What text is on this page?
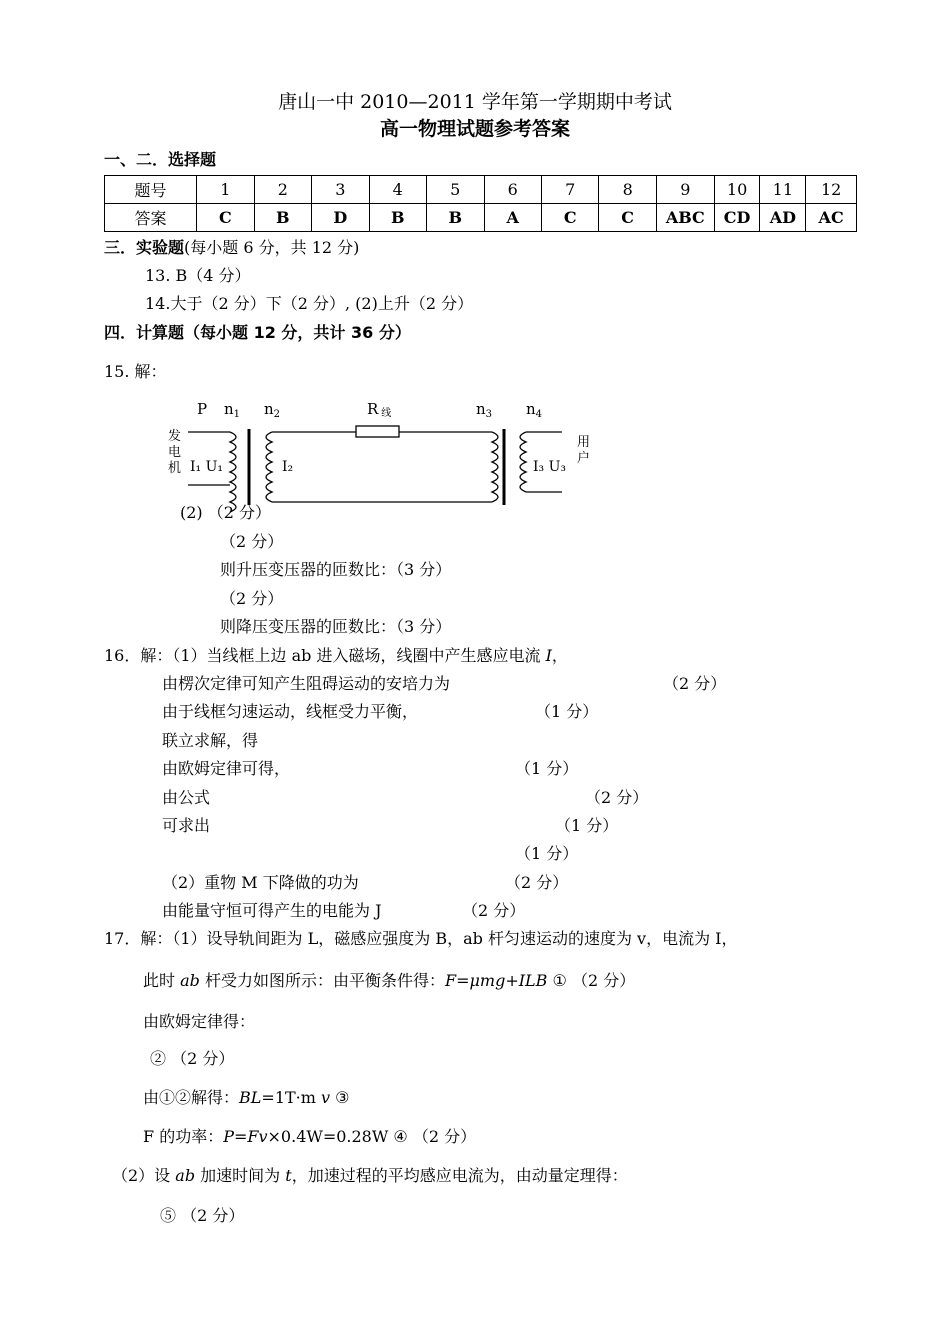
唐山一中 2010—2011 学年第一学期期中考试
高一物理试题参考答案
一、二．选择题
题号	1	2	3	4	5	6	7	8	9	10	11	12
答案	C	B	D	B	B	A	C	C	ABC	CD	AD	AC
三．实验题(每小题 6 分，共 12 分)
13. B（4 分）
14.大于（2 分）下（2 分）, (2)上升（2 分）
四．计算题（每小题 12 分，共计 36 分）
15. 解：
P $n_1$ $n_2$	R线	$n_3$ $n_4$
发
电
机 I₁ U₁	I₂	I₃ U₃
用
户
(2) （2 分）
（2 分）
则升压变压器的匝数比：（3 分）
（2 分）
则降压变压器的匝数比：（3 分）
16．解：（1）当线框上边 ab 进入磁场，线圈中产生感应电流 I，
由楞次定律可知产生阻碍运动的安培力为	（2 分）
由于线框匀速运动，线框受力平衡，	（1 分）
联立求解，得
由欧姆定律可得，	（1 分）
由公式	（2 分）
可求出	（1 分）
（1 分）
（2）重物 M 下降做的功为	（2 分）
由能量守恒可得产生的电能为 J	（2 分）
17．解：（1）设导轨间距为 L，磁感应强度为 B，ab 杆匀速运动的速度为 v，电流为 I，
此时 ab 杆受力如图所示：由平衡条件得：F=μmg+ILB ① （2 分）
由欧姆定律得：
② （2 分）
由①②解得：BL=1T·m v ③
F 的功率：P=Fv×0.4W=0.28W ④ （2 分）
（2）设 ab 加速时间为 t，加速过程的平均感应电流为，由动量定理得：
⑤ （2 分）
